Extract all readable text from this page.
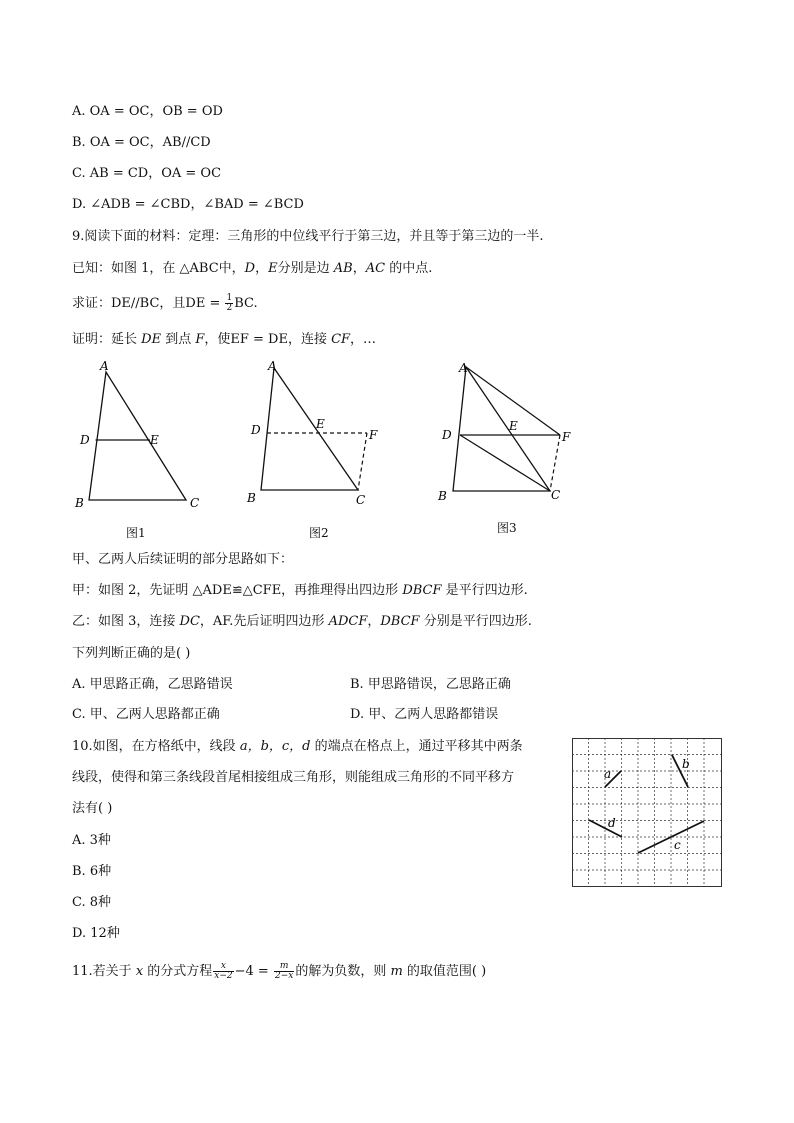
A. OA = OC，OB = OD
B. OA = OC，AB//CD
C. AB = CD，OA = OC
D. ∠ADB = ∠CBD，∠BAD = ∠BCD
9.阅读下面的材料：定理：三角形的中位线平行于第三边，并且等于第三边的一半.
已知：如图 1，在 △ABC中，D，E分别是边 AB，AC 的中点.
求证：DE//BC，且DE = $\frac{1}{2}$ BC.
证明：延长 DE 到点 F，使EF = DE，连接 CF，…
A
B	C
D	E
图1
A
B	C
D	E
F
图2
A
B	C
D
E
F
图3
甲、乙两人后续证明的部分思路如下：
甲：如图 2，先证明 △ADE≌△CFE，再推理得出四边形 DBCF 是平行四边形.
乙：如图 3，连接 DC，AF.先后证明四边形 ADCF，DBCF 分别是平行四边形.
下列判断正确的是( )
A. 甲思路正确，乙思路错误	B. 甲思路错误，乙思路正确
C. 甲、乙两人思路都正确	D. 甲、乙两人思路都错误
10.如图，在方格纸中，线段 a，b，c，d 的端点在格点上，通过平移其中两条
线段，使得和第三条线段首尾相接组成三角形，则能组成三角形的不同平移方
法有( )
A. 3种
B. 6种
C. 8种
D. 12种
a
b
c
d
11.若关于 x 的分式方程 $\frac{x}{x-2} -4 = \frac{m}{2-x}$ 的解为负数，则 m 的取值范围( )
